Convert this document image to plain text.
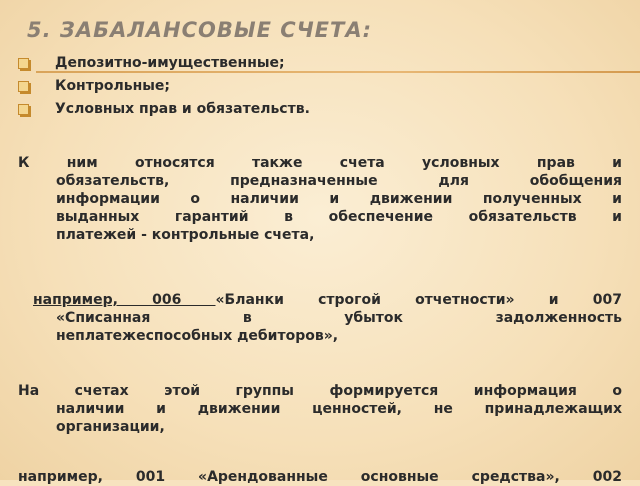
5. ЗАБАЛАНСОВЫЕ СЧЕТА:
Депозитно-имущественные;
Контрольные;
Условных прав и обязательств.
К ним относятся также счета условных прав и
обязательств, предназначенные для обобщения
информации о наличии и движении полученных и
выданных гарантий в обеспечение обязательств и
платежей - контрольные счета,
например, 006 «Бланки строгой отчетности» и 007
«Списанная в убыток задолженность
неплатежеспособных дебиторов»,
На счетах этой группы формируется информация о
наличии и движении ценностей, не принадлежащих
организации,
например, 001 «Арендованные основные средства», 002
